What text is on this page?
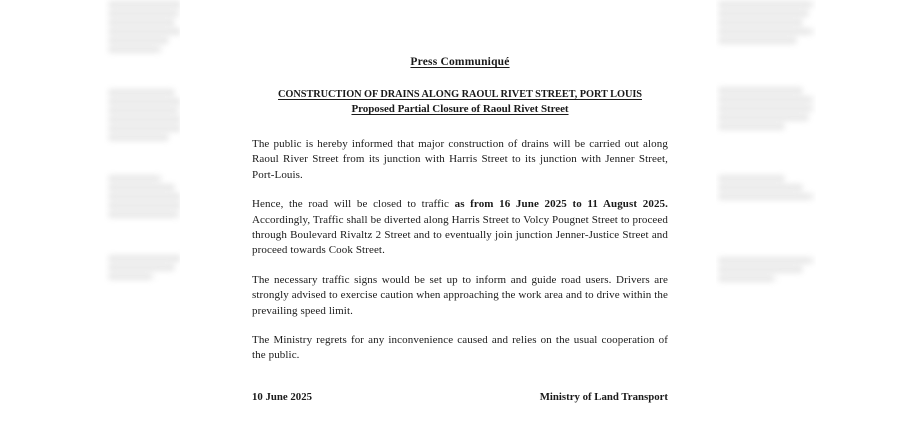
Press Communiqué
CONSTRUCTION OF DRAINS ALONG RAOUL RIVET STREET, PORT LOUIS
Proposed Partial Closure of Raoul Rivet Street

The public is hereby informed that major construction of drains will be carried out along Raoul River Street from its junction with Harris Street to its junction with Jenner Street, Port-Louis.

Hence, the road will be closed to traffic as from 16 June 2025 to 11 August 2025. Accordingly, Traffic shall be diverted along Harris Street to Volcy Pougnet Street to proceed through Boulevard Rivaltz 2 Street and to eventually join junction Jenner-Justice Street and proceed towards Cook Street.

The necessary traffic signs would be set up to inform and guide road users. Drivers are strongly advised to exercise caution when approaching the work area and to drive within the prevailing speed limit.

The Ministry regrets for any inconvenience caused and relies on the usual cooperation of the public.

10 June 2025	Ministry of Land Transport
